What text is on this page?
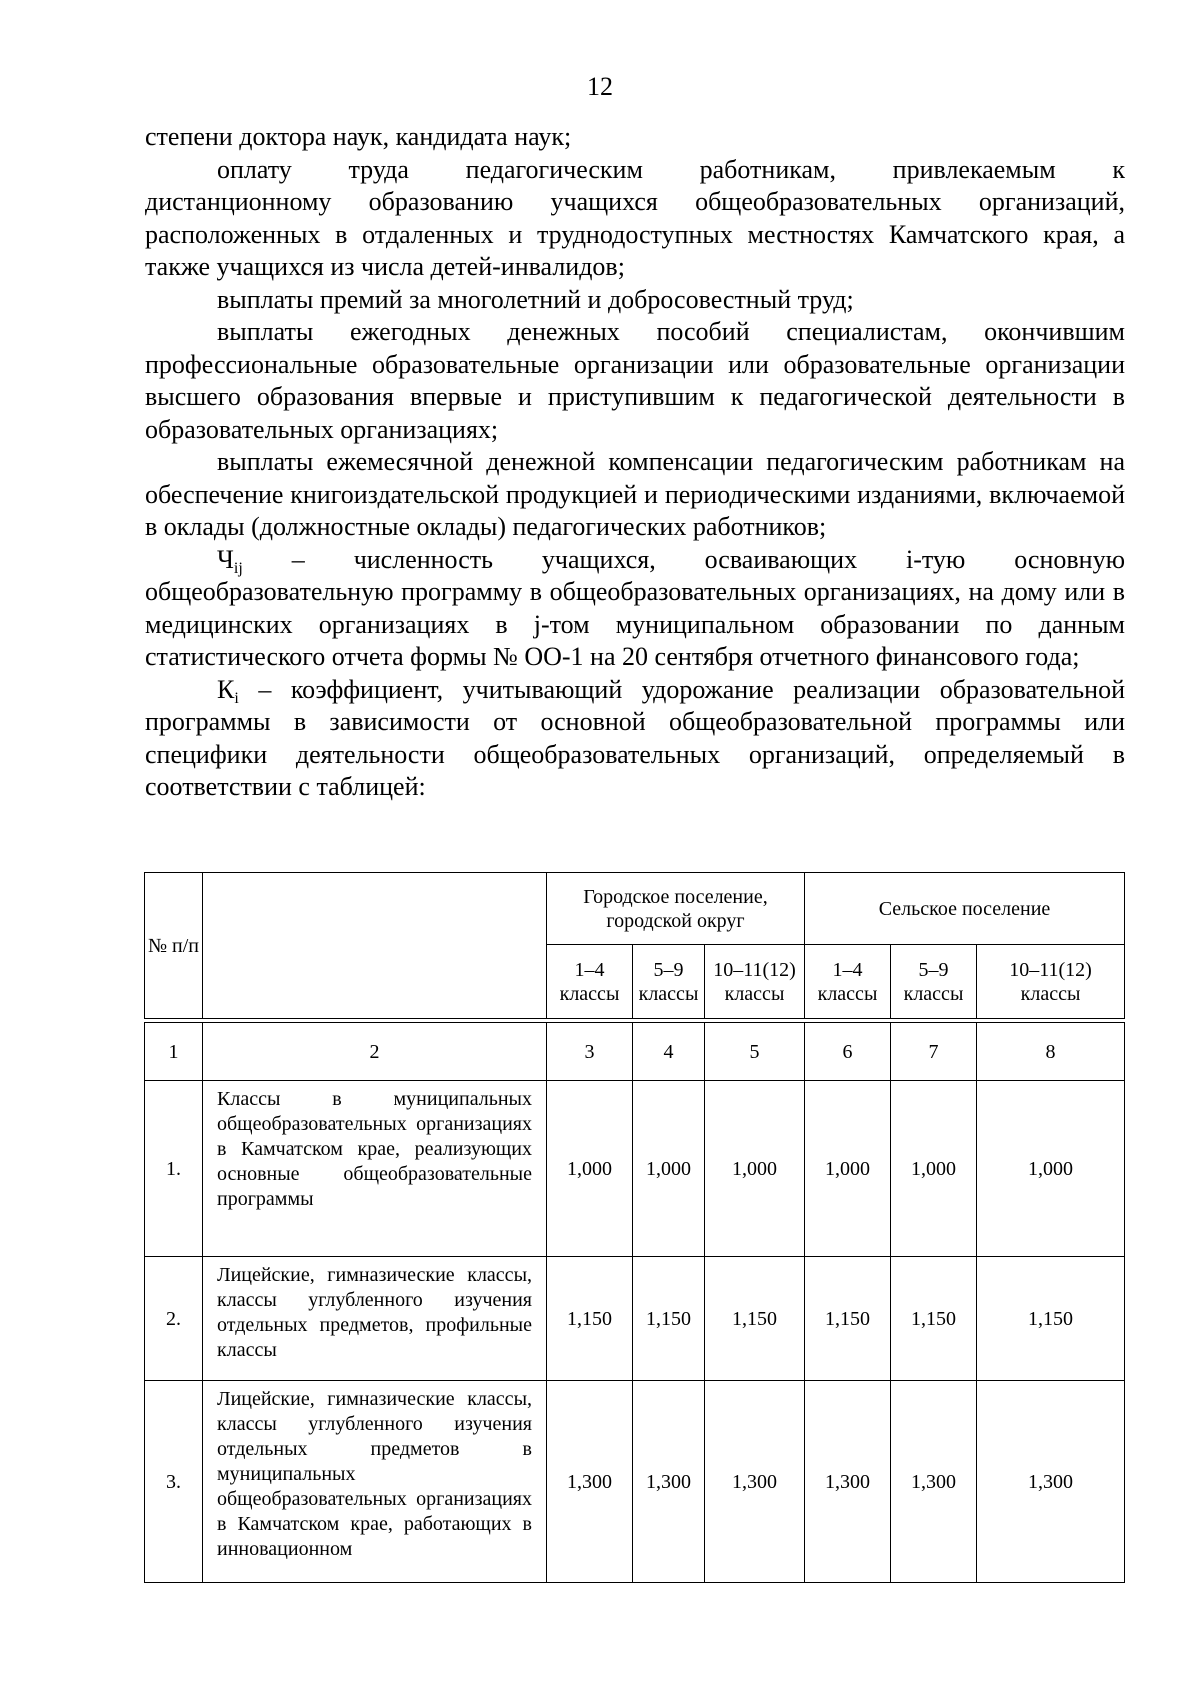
12

степени доктора наук, кандидата наук;

оплату труда педагогическим работникам, привлекаемым к

дистанционному образованию учащихся общеобразовательных организаций, расположенных в отдаленных и труднодоступных местностях Камчатского края, а также учащихся из числа детей-инвалидов;

выплаты премий за многолетний и добросовестный труд;

выплаты ежегодных денежных пособий специалистам, окончившим профессиональные образовательные организации или образовательные организации высшего образования впервые и приступившим к педагогической деятельности в образовательных организациях;

выплаты ежемесячной денежной компенсации педагогическим работникам на обеспечение книгоиздательской продукцией и периодическими изданиями, включаемой в оклады (должностные оклады) педагогических работников;

$Ч_{ij}$ – численность учащихся, осваивающих i-тую основную общеобразовательную программу в общеобразовательных организациях, на дому или в медицинских организациях в j-том муниципальном образовании по данным статистического отчета формы № ОО-1 на 20 сентября отчетного финансового года;

$К_i$ – коэффициент, учитывающий удорожание реализации образовательной программы в зависимости от основной общеобразовательной программы или специфики деятельности общеобразовательных организаций, определяемый в соответствии с таблицей:

№ п/п		Городское поселение, городской округ			Сельское поселение		
		1–4 классы	5–9 классы	10–11(12) классы	1–4 классы	5–9 классы	10–11(12) классы

1	2	3	4	5	6	7	8
1.	Классы в муниципальных общеобразовательных организациях в Камчатском крае, реализующих основные общеобразовательные программы	1,000	1,000	1,000	1,000	1,000	1,000
2.	Лицейские, гимназические классы, классы углубленного изучения отдельных предметов, профильные классы	1,150	1,150	1,150	1,150	1,150	1,150
3.	Лицейские, гимназические классы, классы углубленного изучения отдельных предметов в муниципальных общеобразовательных организациях в Камчатском крае, работающих в инновационном	1,300	1,300	1,300	1,300	1,300	1,300
